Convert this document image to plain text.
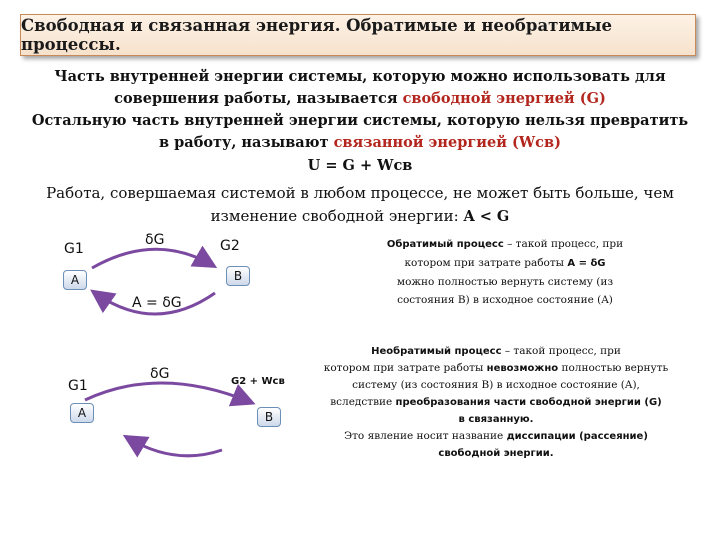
Свободная и связанная энергия. Обратимые и необратимые процессы.
Часть внутренней энергии системы, которую можно использовать для совершения работы, называется свободной энергией (G)
Остальную часть внутренней энергии системы, которую нельзя превратить в работу, называют связанной энергией (Wсв)
U = G + Wсв
Работа, совершаемая системой в любом процессе, не может быть больше, чем изменение свободной энергии: A < G
G1
δG	G2
A	B
A = δG
Обратимый процесс – такой процесс, при
котором при затрате работы A = δG
можно полностью вернуть систему (из
состояния B) в исходное состояние (A)
G1
δG	G2 + Wсв
A	B
Необратимый процесс – такой процесс, при
котором при затрате работы невозможно полностью вернуть
систему (из состояния B) в исходное состояние (A),
вследствие преобразования части свободной энергии (G)
в связанную.
Это явление носит название диссипации (рассеяние)
свободной энергии.
